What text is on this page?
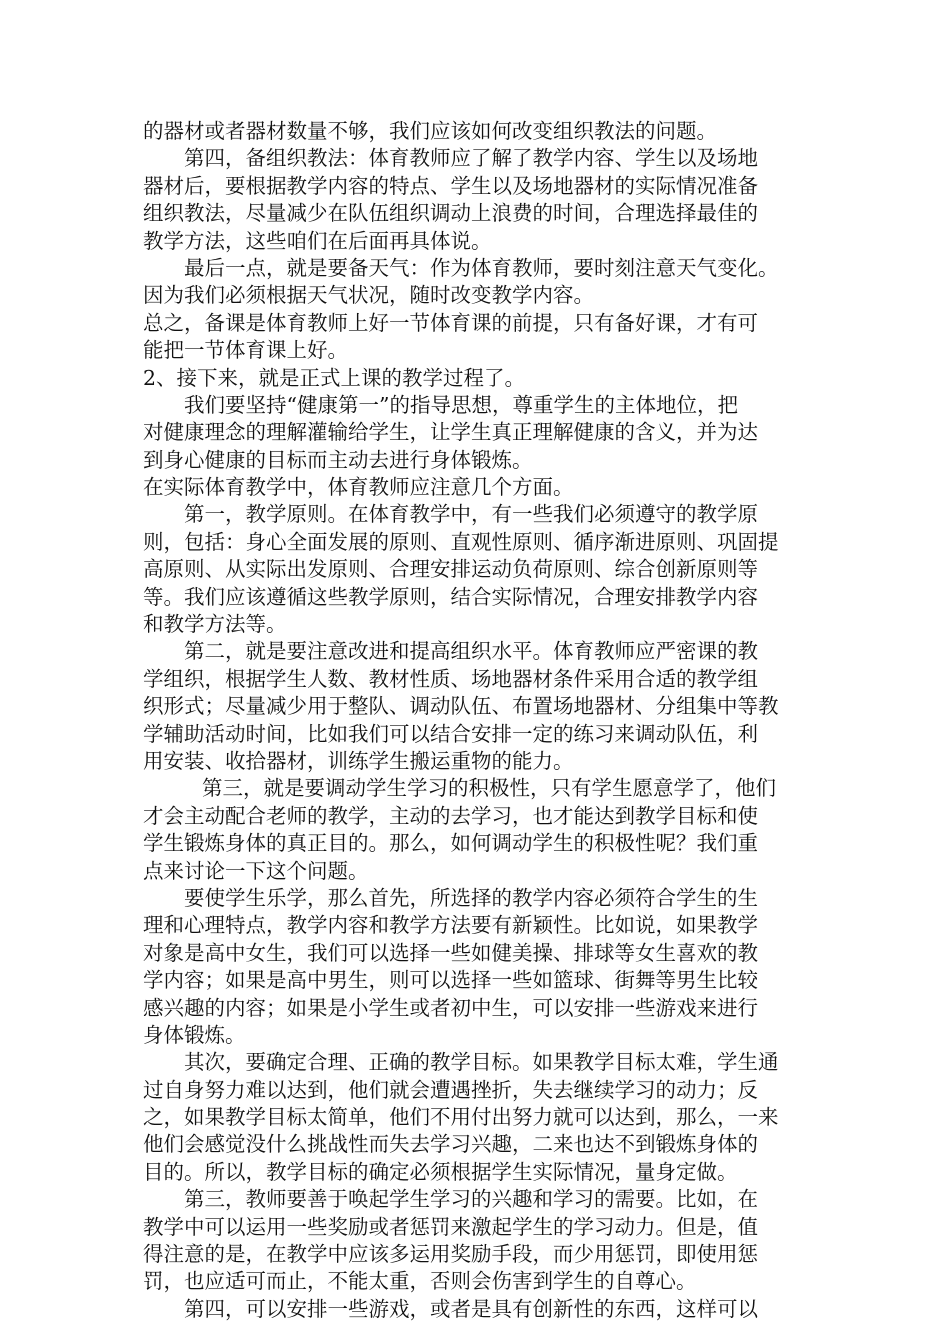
的器材或者器材数量不够，我们应该如何改变组织教法的问题。
第四，备组织教法：体育教师应了解了教学内容、学生以及场地
器材后，要根据教学内容的特点、学生以及场地器材的实际情况准备
组织教法，尽量减少在队伍组织调动上浪费的时间，合理选择最佳的
教学方法，这些咱们在后面再具体说。
最后一点，就是要备天气：作为体育教师，要时刻注意天气变化。
因为我们必须根据天气状况，随时改变教学内容。
总之，备课是体育教师上好一节体育课的前提，只有备好课，才有可
能把一节体育课上好。
2、接下来，就是正式上课的教学过程了。
我们要坚持“健康第一”的指导思想，尊重学生的主体地位，把
对健康理念的理解灌输给学生，让学生真正理解健康的含义，并为达
到身心健康的目标而主动去进行身体锻炼。
在实际体育教学中，体育教师应注意几个方面。
第一，教学原则。在体育教学中，有一些我们必须遵守的教学原
则，包括：身心全面发展的原则、直观性原则、循序渐进原则、巩固提
高原则、从实际出发原则、合理安排运动负荷原则、综合创新原则等
等。我们应该遵循这些教学原则，结合实际情况，合理安排教学内容
和教学方法等。
第二，就是要注意改进和提高组织水平。体育教师应严密课的教
学组织，根据学生人数、教材性质、场地器材条件采用合适的教学组
织形式；尽量减少用于整队、调动队伍、布置场地器材、分组集中等教
学辅助活动时间，比如我们可以结合安排一定的练习来调动队伍，利
用安装、收拾器材，训练学生搬运重物的能力。
第三，就是要调动学生学习的积极性，只有学生愿意学了，他们
才会主动配合老师的教学，主动的去学习，也才能达到教学目标和使
学生锻炼身体的真正目的。那么，如何调动学生的积极性呢？我们重
点来讨论一下这个问题。
要使学生乐学，那么首先，所选择的教学内容必须符合学生的生
理和心理特点，教学内容和教学方法要有新颖性。比如说，如果教学
对象是高中女生，我们可以选择一些如健美操、排球等女生喜欢的教
学内容；如果是高中男生，则可以选择一些如篮球、街舞等男生比较
感兴趣的内容；如果是小学生或者初中生，可以安排一些游戏来进行
身体锻炼。
其次，要确定合理、正确的教学目标。如果教学目标太难，学生通
过自身努力难以达到，他们就会遭遇挫折，失去继续学习的动力；反
之，如果教学目标太简单，他们不用付出努力就可以达到，那么，一来
他们会感觉没什么挑战性而失去学习兴趣，二来也达不到锻炼身体的
目的。所以，教学目标的确定必须根据学生实际情况，量身定做。
第三，教师要善于唤起学生学习的兴趣和学习的需要。比如，在
教学中可以运用一些奖励或者惩罚来激起学生的学习动力。但是，值
得注意的是，在教学中应该多运用奖励手段，而少用惩罚，即使用惩
罚，也应适可而止，不能太重，否则会伤害到学生的自尊心。
第四，可以安排一些游戏，或者是具有创新性的东西，这样可以
